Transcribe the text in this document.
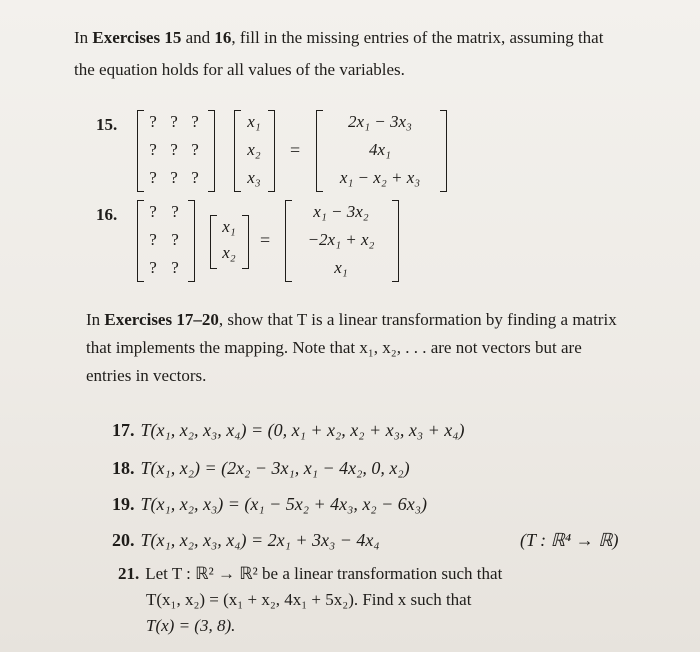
In Exercises 15 and 16, fill in the missing entries of the matrix, assuming that
the equation holds for all values of the variables.
15.	? ? ?
? ? ?
? ? ?
x₁
x₂
x₃
=
2x₁ − 3x₃
4x₁
x₁ − x₂ + x₃
16.	? ?
? ?
? ?
x₁
x₂
=
x₁ − 3x₂
−2x₁ + x₂
x₁
In Exercises 17–20, show that T is a linear transformation by finding a matrix
that implements the mapping. Note that x₁, x₂, . . . are not vectors but are
entries in vectors.
17. T(x₁, x₂, x₃, x₄) = (0, x₁ + x₂, x₂ + x₃, x₃ + x₄)
18. T(x₁, x₂) = (2x₂ − 3x₁, x₁ − 4x₂, 0, x₂)
19. T(x₁, x₂, x₃) = (x₁ − 5x₂ + 4x₃, x₂ − 6x₃)
20. T(x₁, x₂, x₃, x₄) = 2x₁ + 3x₃ − 4x₄	(T : ℝ⁴ → ℝ)
21. Let T : ℝ² → ℝ² be a linear transformation such that
T(x₁, x₂) = (x₁ + x₂, 4x₁ + 5x₂). Find x such that
T(x) = (3, 8).
